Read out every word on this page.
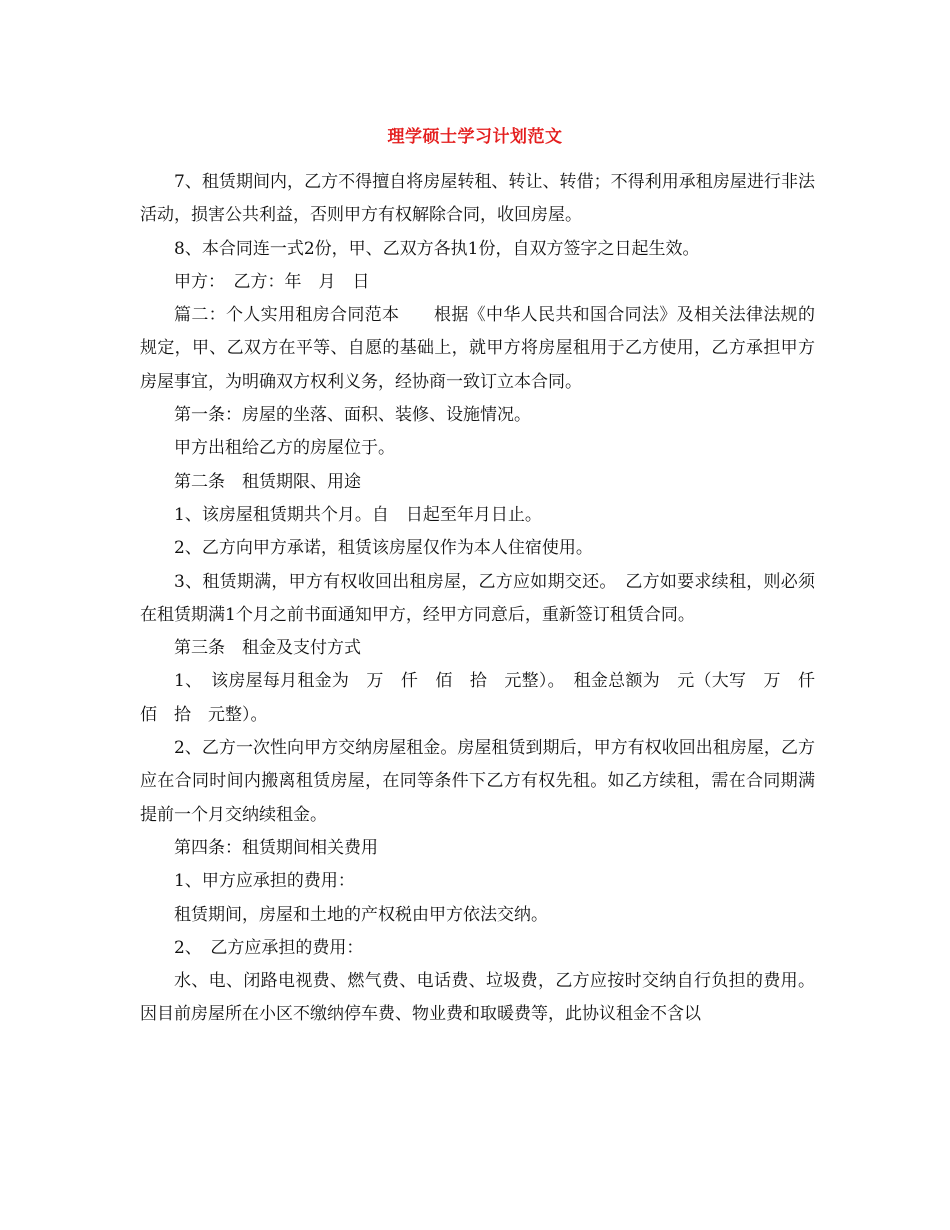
理学硕士学习计划范文

7、租赁期间内，乙方不得擅自将房屋转租、转让、转借；不得利用承租房屋进行非法活动，损害公共利益，否则甲方有权解除合同，收回房屋。

8、本合同连一式2份，甲、乙双方各执1份，自双方签字之日起生效。

甲方：　乙方：年　月　日

篇二：个人实用租房合同范本　　根据《中华人民共和国合同法》及相关法律法规的规定，甲、乙双方在平等、自愿的基础上，就甲方将房屋租用于乙方使用，乙方承担甲方房屋事宜，为明确双方权利义务，经协商一致订立本合同。

第一条：房屋的坐落、面积、装修、设施情况。

甲方出租给乙方的房屋位于。

第二条　租赁期限、用途

1、该房屋租赁期共个月。自　日起至年月日止。

2、乙方向甲方承诺，租赁该房屋仅作为本人住宿使用。

3、租赁期满，甲方有权收回出租房屋，乙方应如期交还。　乙方如要求续租，则必须在租赁期满1个月之前书面通知甲方，经甲方同意后，重新签订租赁合同。

第三条　租金及支付方式

1、　该房屋每月租金为　万　仟　佰　拾　元整）。　租金总额为　元（大写　万　仟　佰　拾　元整）。

2、乙方一次性向甲方交纳房屋租金。房屋租赁到期后，甲方有权收回出租房屋，乙方应在合同时间内搬离租赁房屋，在同等条件下乙方有权先租。如乙方续租，需在合同期满提前一个月交纳续租金。

第四条：租赁期间相关费用

1、甲方应承担的费用：

租赁期间，房屋和土地的产权税由甲方依法交纳。

2、　乙方应承担的费用：

水、电、闭路电视费、燃气费、电话费、垃圾费，乙方应按时交纳自行负担的费用。因目前房屋所在小区不缴纳停车费、物业费和取暖费等，此协议租金不含以
